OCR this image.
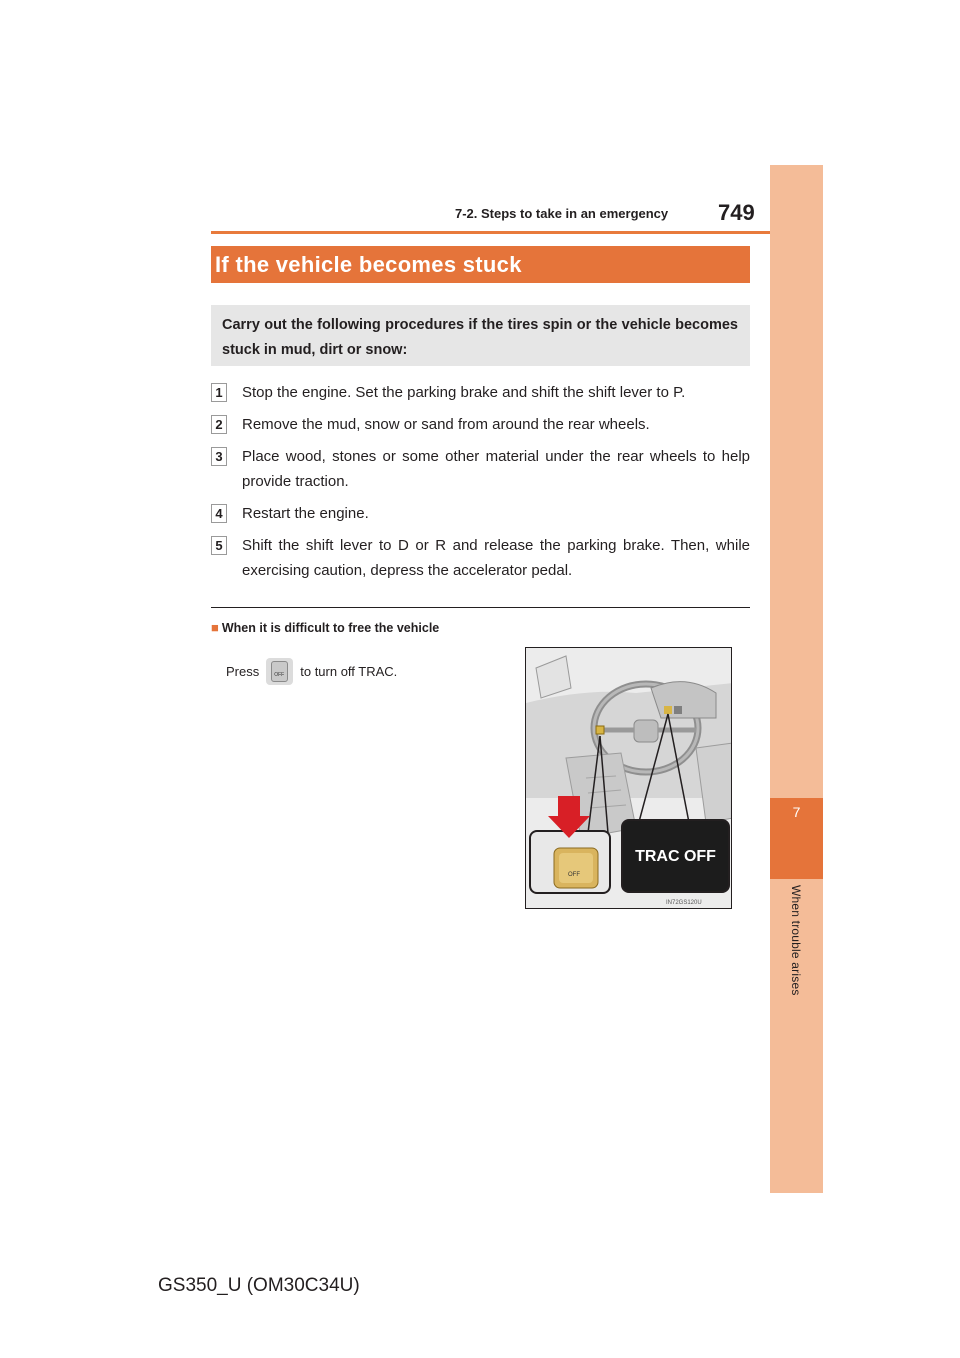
7-2. Steps to take in an emergency 749
7
When trouble arises
If the vehicle becomes stuck
Carry out the following procedures if the tires spin or the vehicle becomes stuck in mud, dirt or snow:
1 Stop the engine. Set the parking brake and shift the shift lever to P.
2 Remove the mud, snow or sand from around the rear wheels.
3 Place wood, stones or some other material under the rear wheels to help provide traction.
4 Restart the engine.
5 Shift the shift lever to D or R and release the parking brake. Then, while exercising caution, depress the accelerator pedal.
■ When it is difficult to free the vehicle
Press	OFF to turn off TRAC.
OFF
TRAC OFF
IN72GS120U
GS350_U (OM30C34U)
